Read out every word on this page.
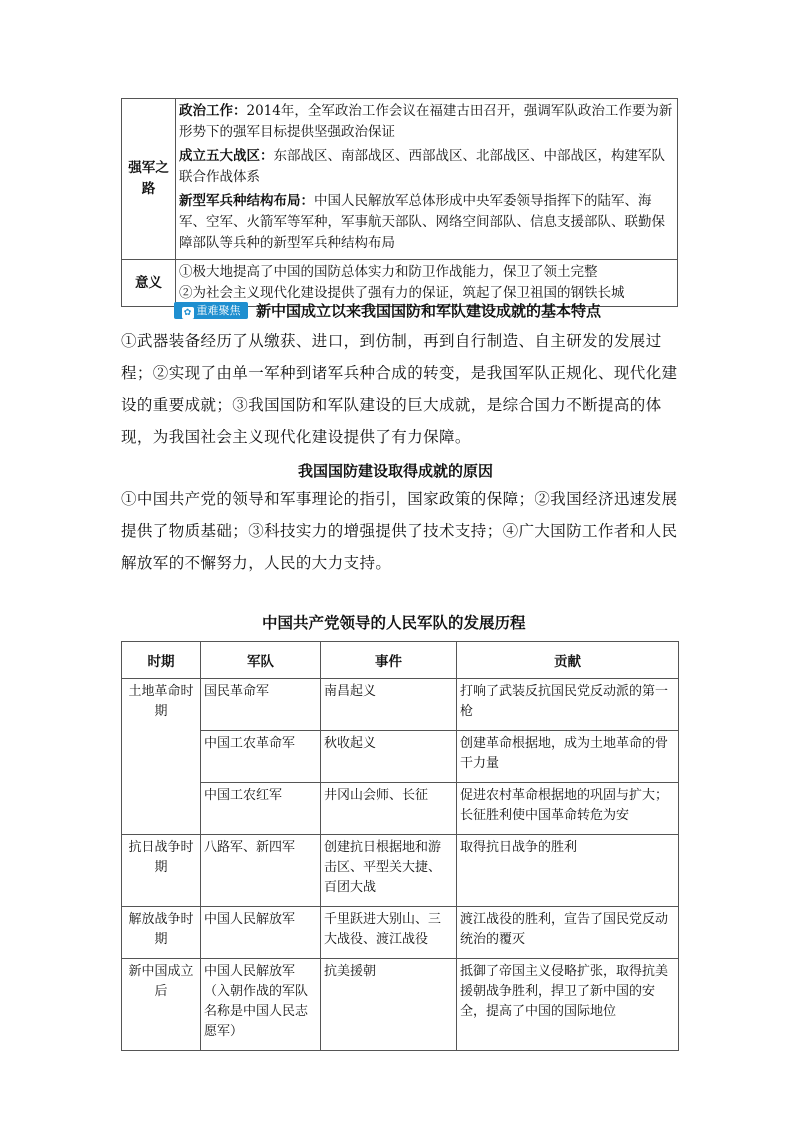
强军之路	政治工作：2014年，全军政治工作会议在福建古田召开，强调军队政治工作要为新形势下的强军目标提供坚强政治保证
成立五大战区：东部战区、南部战区、西部战区、北部战区、中部战区，构建军队联合作战体系
新型军兵种结构布局：中国人民解放军总体形成中央军委领导指挥下的陆军、海军、空军、火箭军等军种，军事航天部队、网络空间部队、信息支援部队、联勤保障部队等兵种的新型军兵种结构布局

意义	①极大地提高了中国的国防总体实力和防卫作战能力，保卫了领土完整
②为社会主义现代化建设提供了强有力的保证，筑起了保卫祖国的钢铁长城
✿ 重难聚焦	新中国成立以来我国国防和军队建设成就的基本特点
①武器装备经历了从缴获、进口，到仿制，再到自行制造、自主研发的发展过程；②实现了由单一军种到诸军兵种合成的转变，是我国军队正规化、现代化建设的重要成就；③我国国防和军队建设的巨大成就，是综合国力不断提高的体现，为我国社会主义现代化建设提供了有力保障。
我国国防建设取得成就的原因
①中国共产党的领导和军事理论的指引，国家政策的保障；②我国经济迅速发展提供了物质基础；③科技实力的增强提供了技术支持；④广大国防工作者和人民解放军的不懈努力，人民的大力支持。
中国共产党领导的人民军队的发展历程
时期	军队	事件	贡献
土地革命时期	国民革命军	南昌起义	打响了武装反抗国民党反动派的第一枪
	中国工农革命军	秋收起义	创建革命根据地，成为土地革命的骨干力量
	中国工农红军	井冈山会师、长征	促进农村革命根据地的巩固与扩大；长征胜利使中国革命转危为安
抗日战争时期	八路军、新四军	创建抗日根据地和游击区、平型关大捷、百团大战	取得抗日战争的胜利
解放战争时期	中国人民解放军	千里跃进大别山、三大战役、渡江战役	渡江战役的胜利，宣告了国民党反动统治的覆灭
新中国成立后	中国人民解放军（入朝作战的军队名称是中国人民志愿军）	抗美援朝	抵御了帝国主义侵略扩张，取得抗美援朝战争胜利，捍卫了新中国的安全，提高了中国的国际地位
